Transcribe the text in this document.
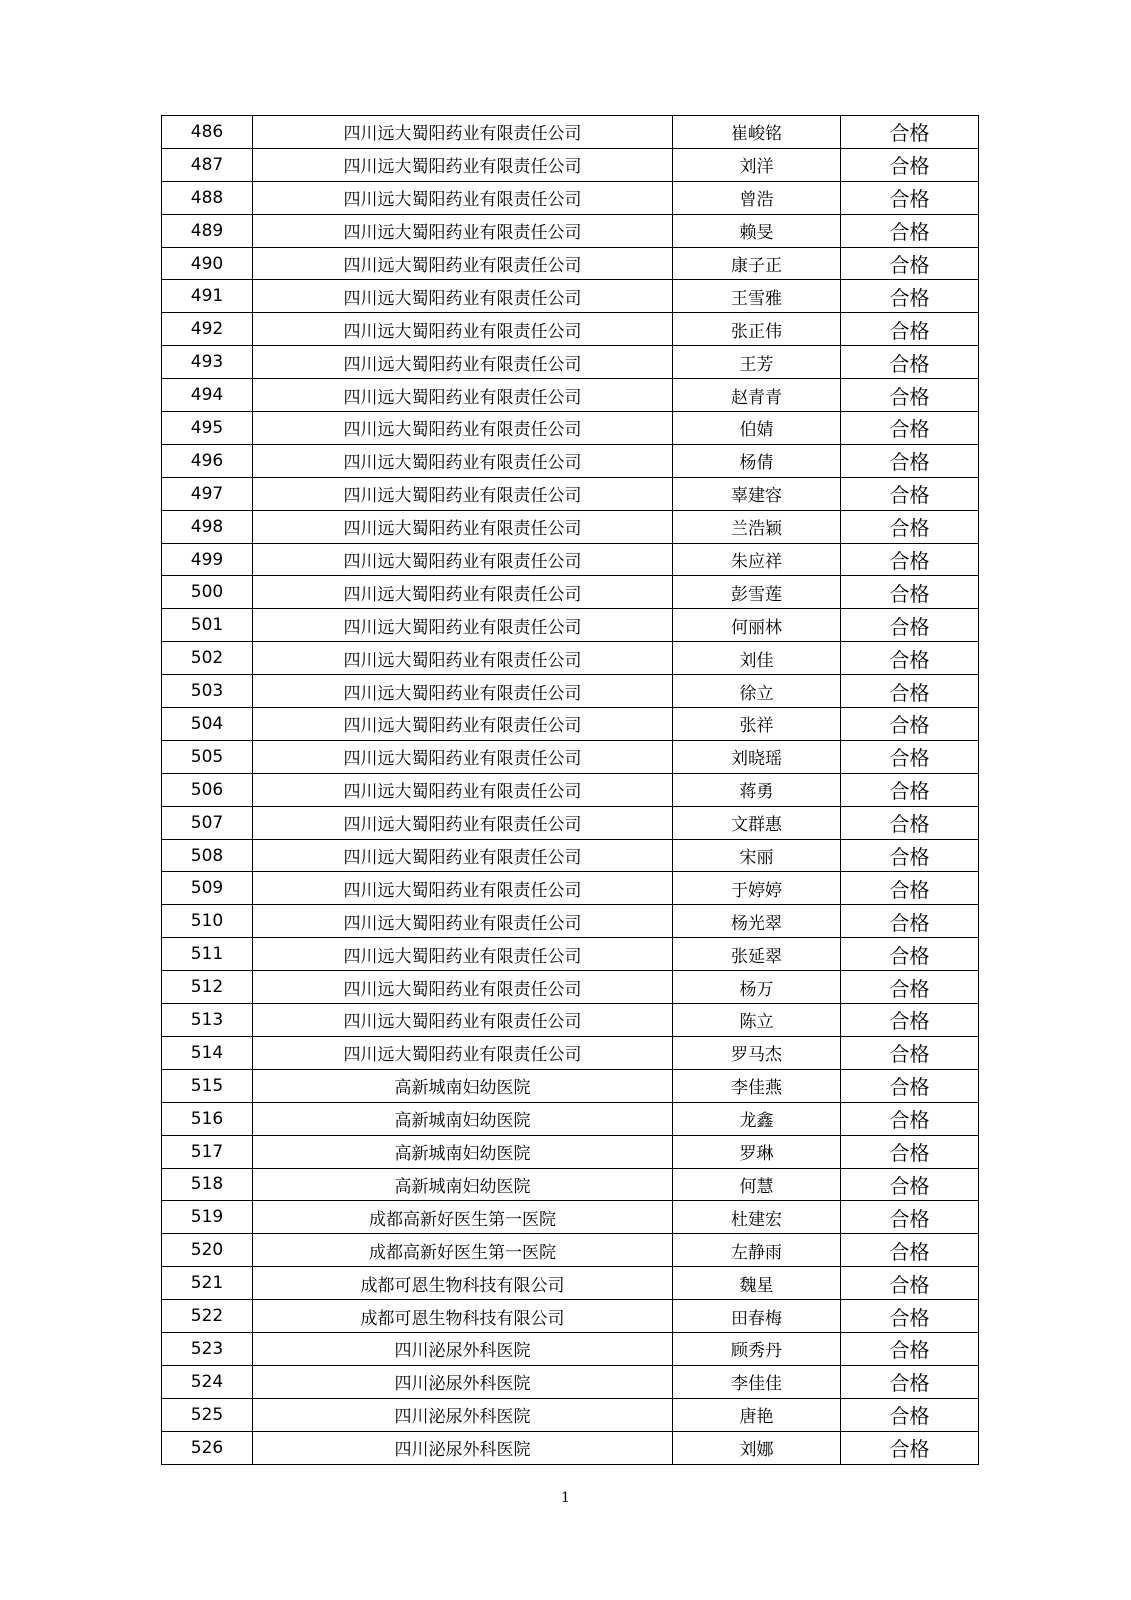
486	四川远大蜀阳药业有限责任公司	崔峻铭	合格
487	四川远大蜀阳药业有限责任公司	刘洋	合格
488	四川远大蜀阳药业有限责任公司	曾浩	合格
489	四川远大蜀阳药业有限责任公司	赖旻	合格
490	四川远大蜀阳药业有限责任公司	康子正	合格
491	四川远大蜀阳药业有限责任公司	王雪雅	合格
492	四川远大蜀阳药业有限责任公司	张正伟	合格
493	四川远大蜀阳药业有限责任公司	王芳	合格
494	四川远大蜀阳药业有限责任公司	赵青青	合格
495	四川远大蜀阳药业有限责任公司	伯婧	合格
496	四川远大蜀阳药业有限责任公司	杨倩	合格
497	四川远大蜀阳药业有限责任公司	辜建容	合格
498	四川远大蜀阳药业有限责任公司	兰浩颖	合格
499	四川远大蜀阳药业有限责任公司	朱应祥	合格
500	四川远大蜀阳药业有限责任公司	彭雪莲	合格
501	四川远大蜀阳药业有限责任公司	何丽林	合格
502	四川远大蜀阳药业有限责任公司	刘佳	合格
503	四川远大蜀阳药业有限责任公司	徐立	合格
504	四川远大蜀阳药业有限责任公司	张祥	合格
505	四川远大蜀阳药业有限责任公司	刘晓瑶	合格
506	四川远大蜀阳药业有限责任公司	蒋勇	合格
507	四川远大蜀阳药业有限责任公司	文群惠	合格
508	四川远大蜀阳药业有限责任公司	宋丽	合格
509	四川远大蜀阳药业有限责任公司	于婷婷	合格
510	四川远大蜀阳药业有限责任公司	杨光翠	合格
511	四川远大蜀阳药业有限责任公司	张延翠	合格
512	四川远大蜀阳药业有限责任公司	杨万	合格
513	四川远大蜀阳药业有限责任公司	陈立	合格
514	四川远大蜀阳药业有限责任公司	罗马杰	合格
515	高新城南妇幼医院	李佳燕	合格
516	高新城南妇幼医院	龙鑫	合格
517	高新城南妇幼医院	罗琳	合格
518	高新城南妇幼医院	何慧	合格
519	成都高新好医生第一医院	杜建宏	合格
520	成都高新好医生第一医院	左静雨	合格
521	成都可恩生物科技有限公司	魏星	合格
522	成都可恩生物科技有限公司	田春梅	合格
523	四川泌尿外科医院	顾秀丹	合格
524	四川泌尿外科医院	李佳佳	合格
525	四川泌尿外科医院	唐艳	合格
526	四川泌尿外科医院	刘娜	合格
1
